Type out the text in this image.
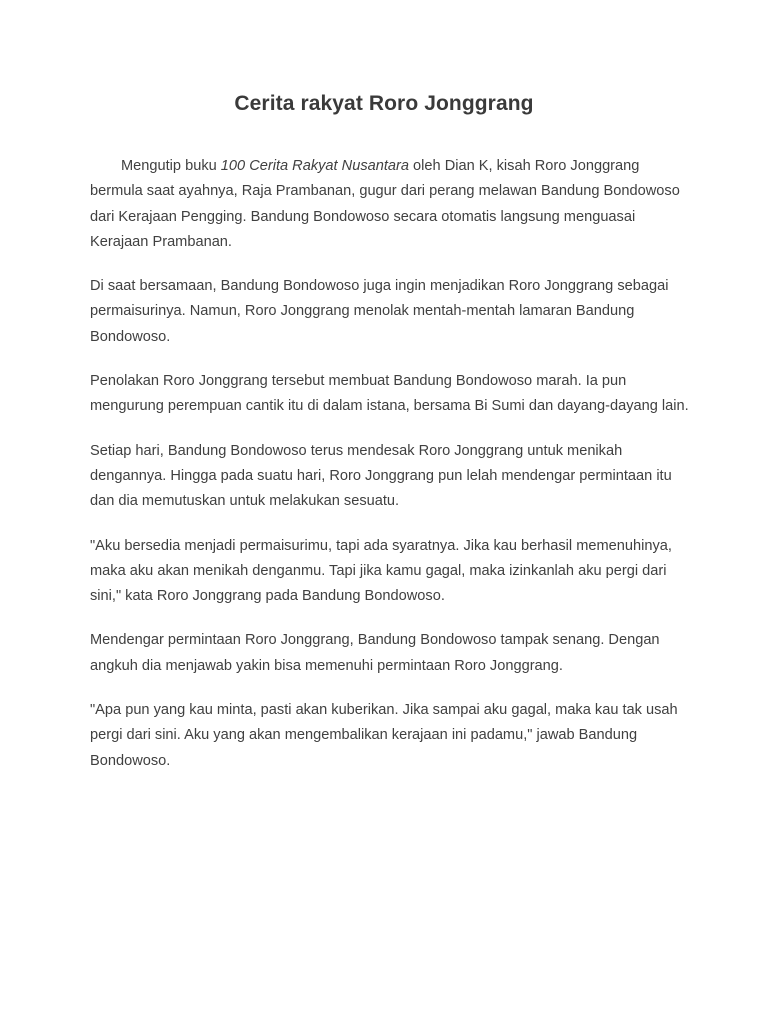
Cerita rakyat Roro Jonggrang

Mengutip buku 100 Cerita Rakyat Nusantara oleh Dian K, kisah Roro Jonggrang bermula saat ayahnya, Raja Prambanan, gugur dari perang melawan Bandung Bondowoso dari Kerajaan Pengging. Bandung Bondowoso secara otomatis langsung menguasai Kerajaan Prambanan.

Di saat bersamaan, Bandung Bondowoso juga ingin menjadikan Roro Jonggrang sebagai permaisurinya. Namun, Roro Jonggrang menolak mentah-mentah lamaran Bandung Bondowoso.

Penolakan Roro Jonggrang tersebut membuat Bandung Bondowoso marah. Ia pun mengurung perempuan cantik itu di dalam istana, bersama Bi Sumi dan dayang-dayang lain.

Setiap hari, Bandung Bondowoso terus mendesak Roro Jonggrang untuk menikah dengannya. Hingga pada suatu hari, Roro Jonggrang pun lelah mendengar permintaan itu dan dia memutuskan untuk melakukan sesuatu.

"Aku bersedia menjadi permaisurimu, tapi ada syaratnya. Jika kau berhasil memenuhinya, maka aku akan menikah denganmu. Tapi jika kamu gagal, maka izinkanlah aku pergi dari sini," kata Roro Jonggrang pada Bandung Bondowoso.

Mendengar permintaan Roro Jonggrang, Bandung Bondowoso tampak senang. Dengan angkuh dia menjawab yakin bisa memenuhi permintaan Roro Jonggrang.

"Apa pun yang kau minta, pasti akan kuberikan. Jika sampai aku gagal, maka kau tak usah pergi dari sini. Aku yang akan mengembalikan kerajaan ini padamu," jawab Bandung Bondowoso.
